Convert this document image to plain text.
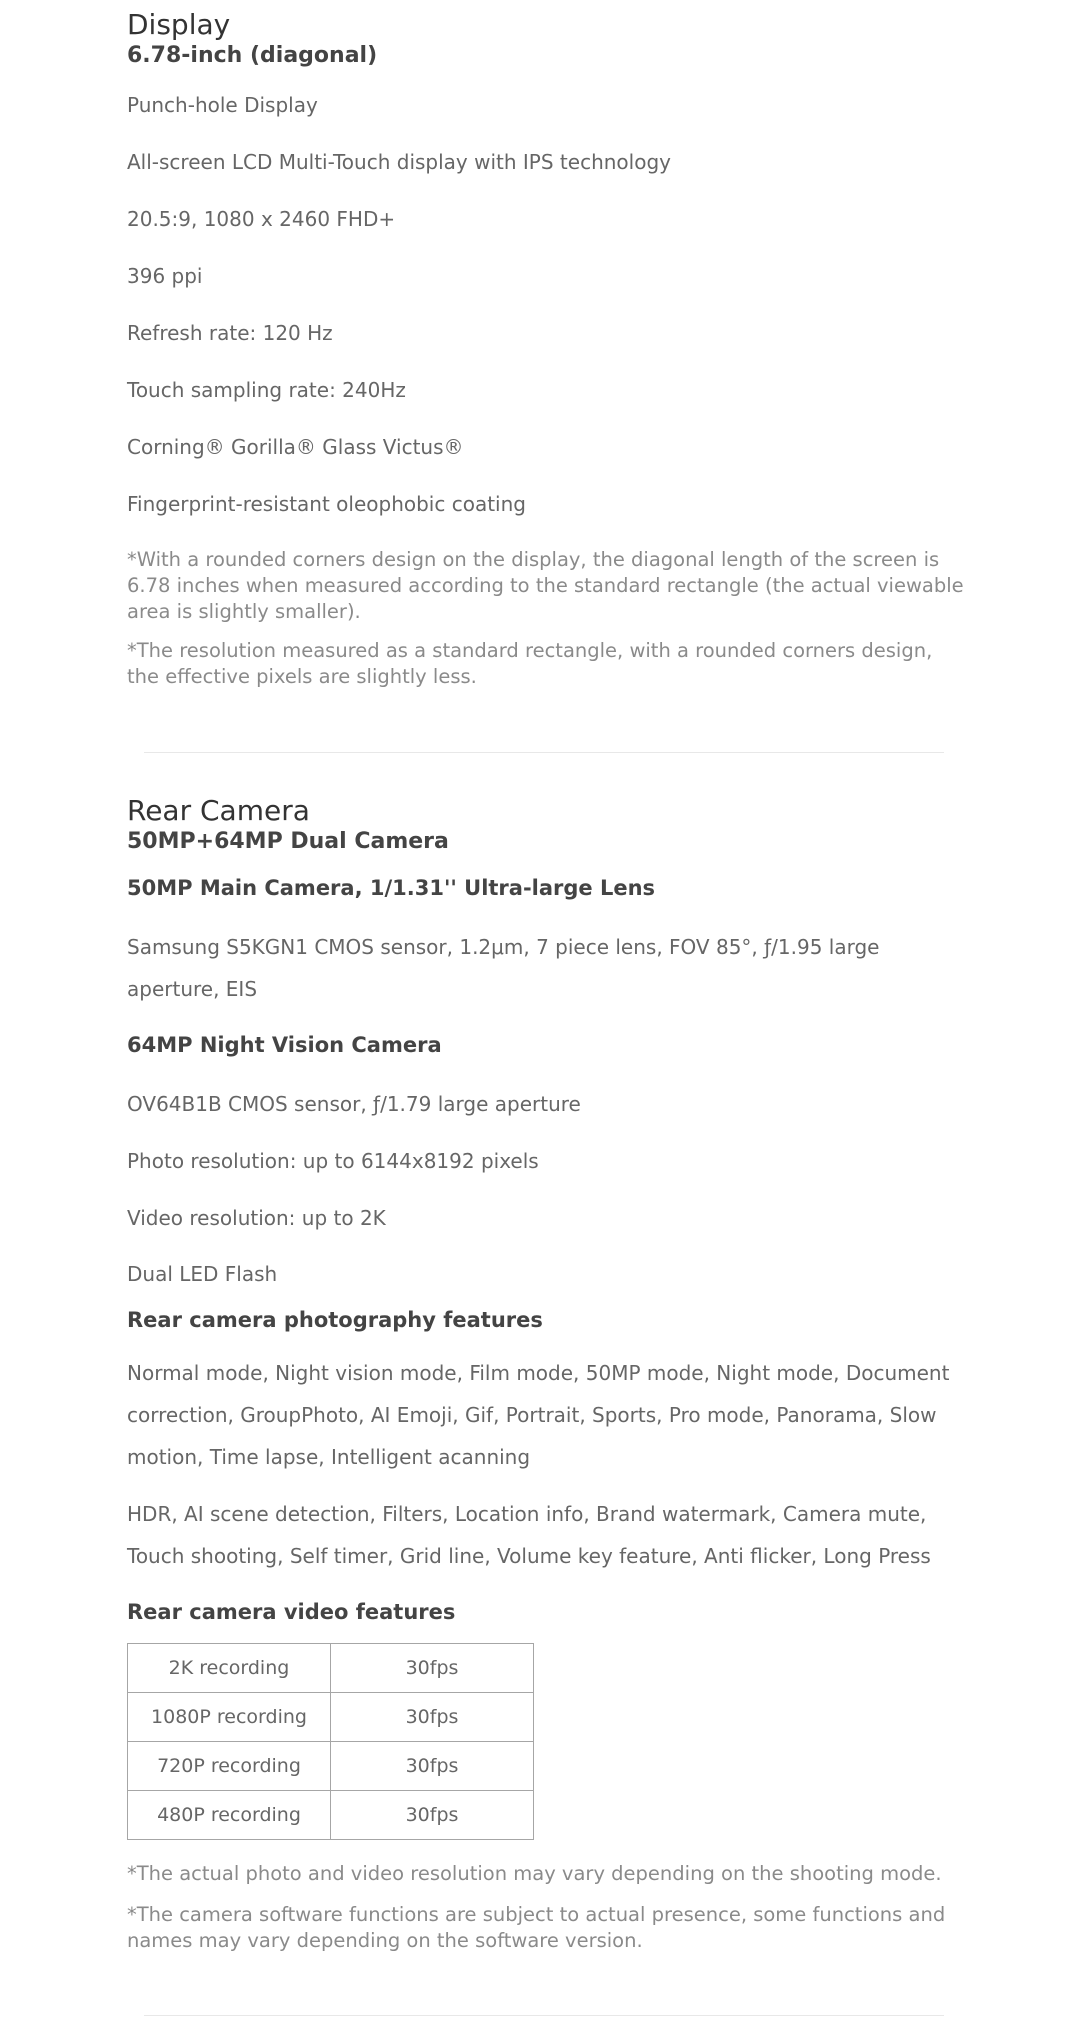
Display
6.78-inch (diagonal)
Punch-hole Display
All-screen LCD Multi-Touch display with IPS technology
20.5:9, 1080 x 2460 FHD+
396 ppi
Refresh rate: 120 Hz
Touch sampling rate: 240Hz
Corning® Gorilla® Glass Victus®
Fingerprint-resistant oleophobic coating
*With a rounded corners design on the display, the diagonal length of the screen is 6.78 inches when measured according to the standard rectangle (the actual viewable area is slightly smaller).
*The resolution measured as a standard rectangle, with a rounded corners design, the effective pixels are slightly less.
Rear Camera
50MP+64MP Dual Camera
50MP Main Camera, 1/1.31'' Ultra-large Lens
Samsung S5KGN1 CMOS sensor, 1.2μm, 7 piece lens, FOV 85°, ƒ/1.95 large aperture, EIS
64MP Night Vision Camera
OV64B1B CMOS sensor, ƒ/1.79 large aperture
Photo resolution: up to 6144x8192 pixels
Video resolution: up to 2K
Dual LED Flash
Rear camera photography features
Normal mode, Night vision mode, Film mode, 50MP mode, Night mode, Document correction, GroupPhoto, AI Emoji, Gif, Portrait, Sports, Pro mode, Panorama, Slow motion, Time lapse, Intelligent acanning
HDR, AI scene detection, Filters, Location info, Brand watermark, Camera mute, Touch shooting, Self timer, Grid line, Volume key feature, Anti flicker, Long Press
Rear camera video features
2K recording	30fps
1080P recording	30fps
720P recording	30fps
480P recording	30fps
*The actual photo and video resolution may vary depending on the shooting mode.
*The camera software functions are subject to actual presence, some functions and names may vary depending on the software version.
